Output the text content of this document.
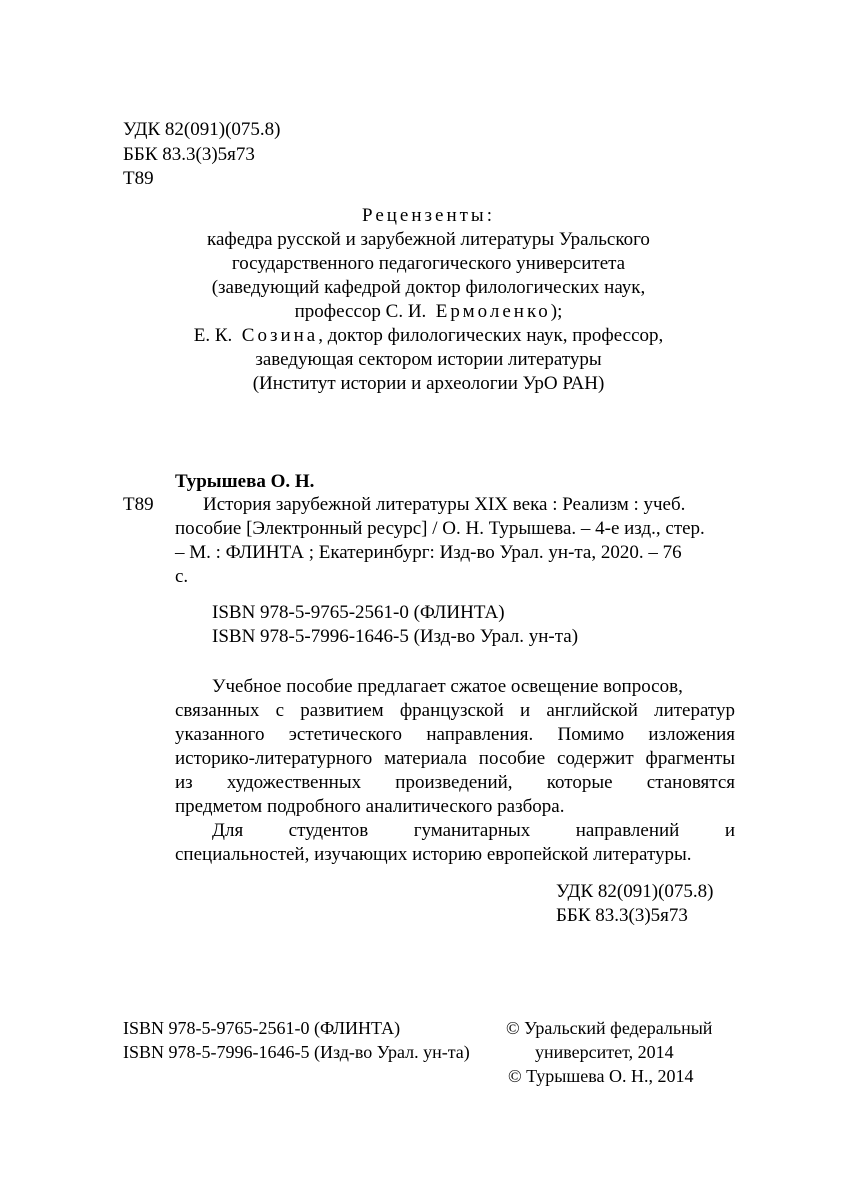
УДК 82(091)(075.8)
ББК 83.3(3)5я73
Т89
Рецензенты:
кафедра русской и зарубежной литературы Уральского
государственного педагогического университета
(заведующий кафедрой доктор филологических наук,
профессор С. И. Ермоленко);
Е. К. Созина, доктор филологических наук, профессор,
заведующая сектором истории литературы
(Институт истории и археологии УрО РАН)
Турышева О. Н.
Т89	История зарубежной литературы XIX века : Реализм : учеб.
пособие [Электронный ресурс] / О. Н. Турышева. – 4-е изд., стер.
– М. : ФЛИНТА ; Екатеринбург: Изд-во Урал. ун-та, 2020. – 76
с.
ISBN 978-5-9765-2561-0 (ФЛИНТА)
ISBN 978-5-7996-1646-5 (Изд-во Урал. ун-та)
Учебное пособие предлагает сжатое освещение вопросов,
связанных с развитием французской и английской литератур
указанного эстетического направления. Помимо изложения
историко-литературного материала пособие содержит фрагменты
из художественных произведений, которые становятся
предметом подробного аналитического разбора.
Для студентов гуманитарных направлений и
специальностей, изучающих историю европейской литературы.
УДК 82(091)(075.8)
ББК 83.3(3)5я73
ISBN 978-5-9765-2561-0 (ФЛИНТА)
ISBN 978-5-7996-1646-5 (Изд-во Урал. ун-та)
© Уральский федеральный
университет, 2014
© Турышева О. Н., 2014
